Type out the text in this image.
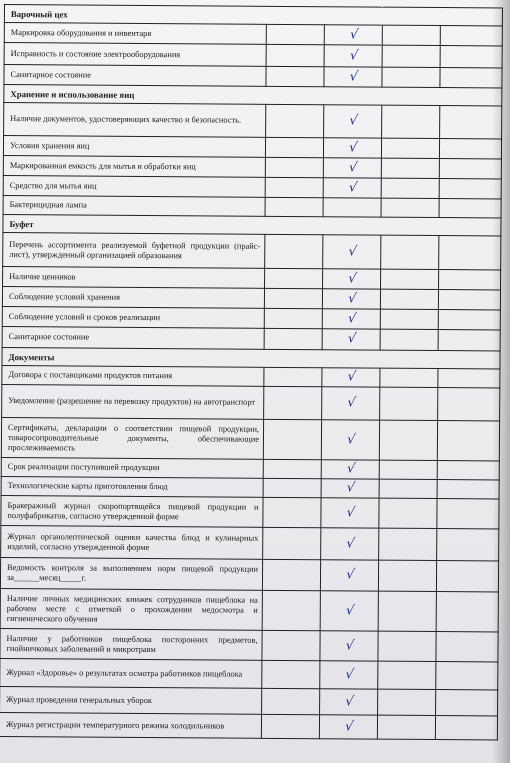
Варочный цех				
Маркировка оборудования и инвентаря		√		
Исправность и состояние электрооборудования		√		
Санитарное состояние		√		
Хранение и использование яиц				
Наличие документов, удостоверяющих качество и безопасность.		√		
Условия хранения яиц		√		
Маркированная емкость для мытья и обработки яиц		√		
Средство для мытья яиц		√		
Бактерицидная лампа				
Буфет				
Перечень ассортимента реализуемой буфетной продукции (прайс-лист), утвержденный организацией образования		√		
Наличие ценников		√		
Соблюдение условий хранения		√		
Соблюдение условий и сроков реализации		√		
Санитарное состояние		√		
Документы				
Договора с поставщиками продуктов питания		√		
Уведомление (разрешение на перевозку продуктов) на автотранспорт		√		
Сертификаты, декларации о соответствии пищевой продукции, товаросопроводительные документы, обеспечивающие прослеживаемость		√		
Срок реализации поступившей продукции		√		
Технологические карты приготовления блюд		√		
Бракеражный журнал скоропортящейся пищевой продукции и полуфабрикатов, согласно утвержденной форме		√		
Журнал органолептической оценки качества блюд и кулинарных изделий, согласно утвержденной форме		√		
Ведомость контроля за выполнением норм пищевой продукции за______месяц_____г.		√		
Наличие личных медицинских книжек сотрудников пищеблока на рабочем месте с отметкой о прохождении медосмотра и гигиенического обучения		√		
Наличие у работников пищеблока посторонних предметов, гнойничковых заболеваний и микротравм		√		
Журнал «Здоровье» о результатах осмотра работников пищеблока		√		
Журнал проведения генеральных уборок		√		
Журнал регистрации температурного режима холодильников		√		
